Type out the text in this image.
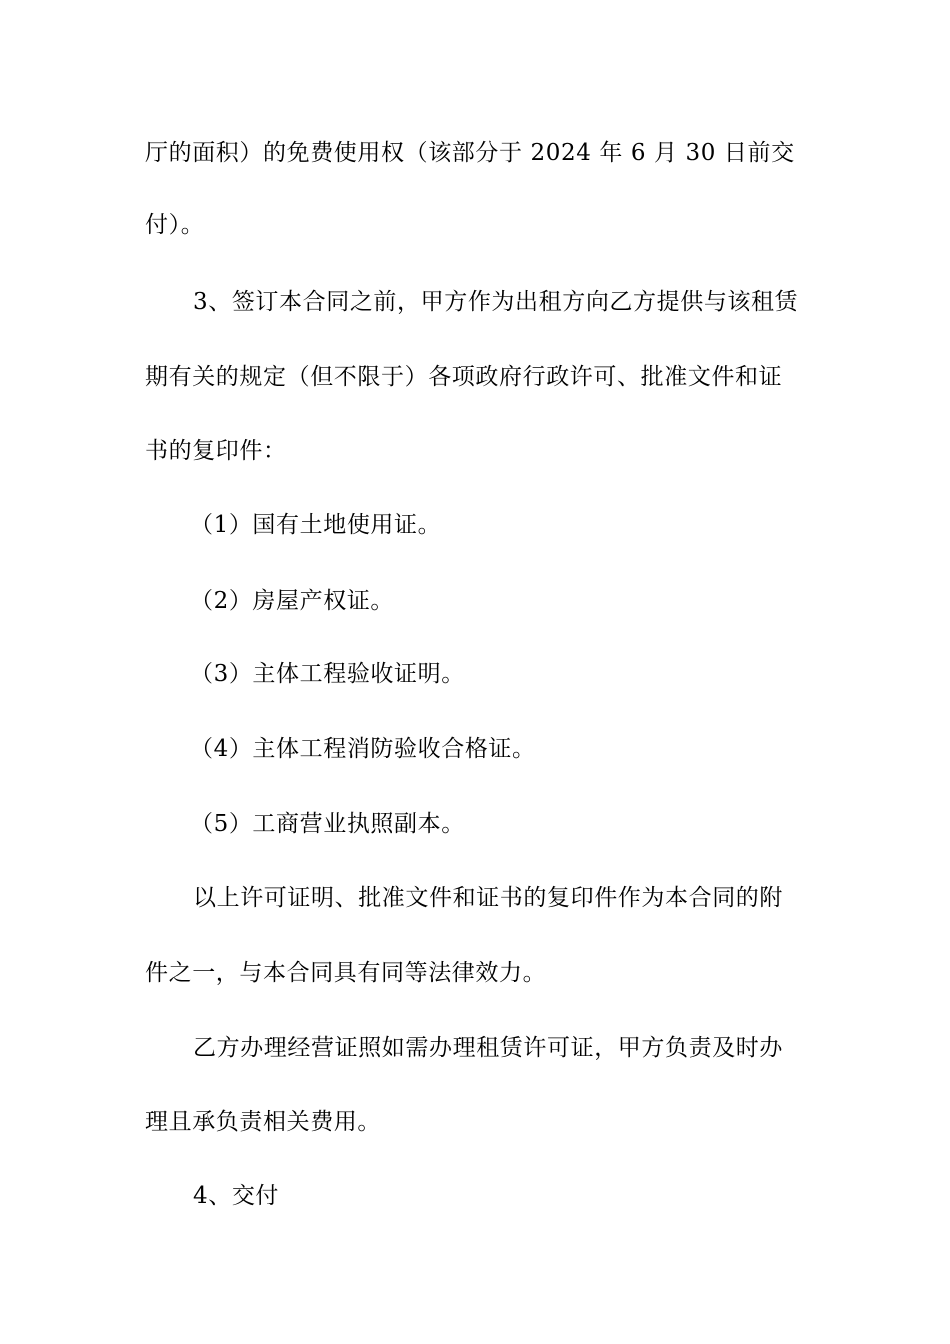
厅的面积）的免费使用权（该部分于 2024 年 6 月 30 日前交
付）。
3、签订本合同之前，甲方作为出租方向乙方提供与该租赁
期有关的规定（但不限于）各项政府行政许可、批准文件和证
书的复印件：
（1）国有土地使用证。
（2）房屋产权证。
（3）主体工程验收证明。
（4）主体工程消防验收合格证。
（5）工商营业执照副本。
以上许可证明、批准文件和证书的复印件作为本合同的附
件之一，与本合同具有同等法律效力。
乙方办理经营证照如需办理租赁许可证，甲方负责及时办
理且承负责相关费用。
4、交付
